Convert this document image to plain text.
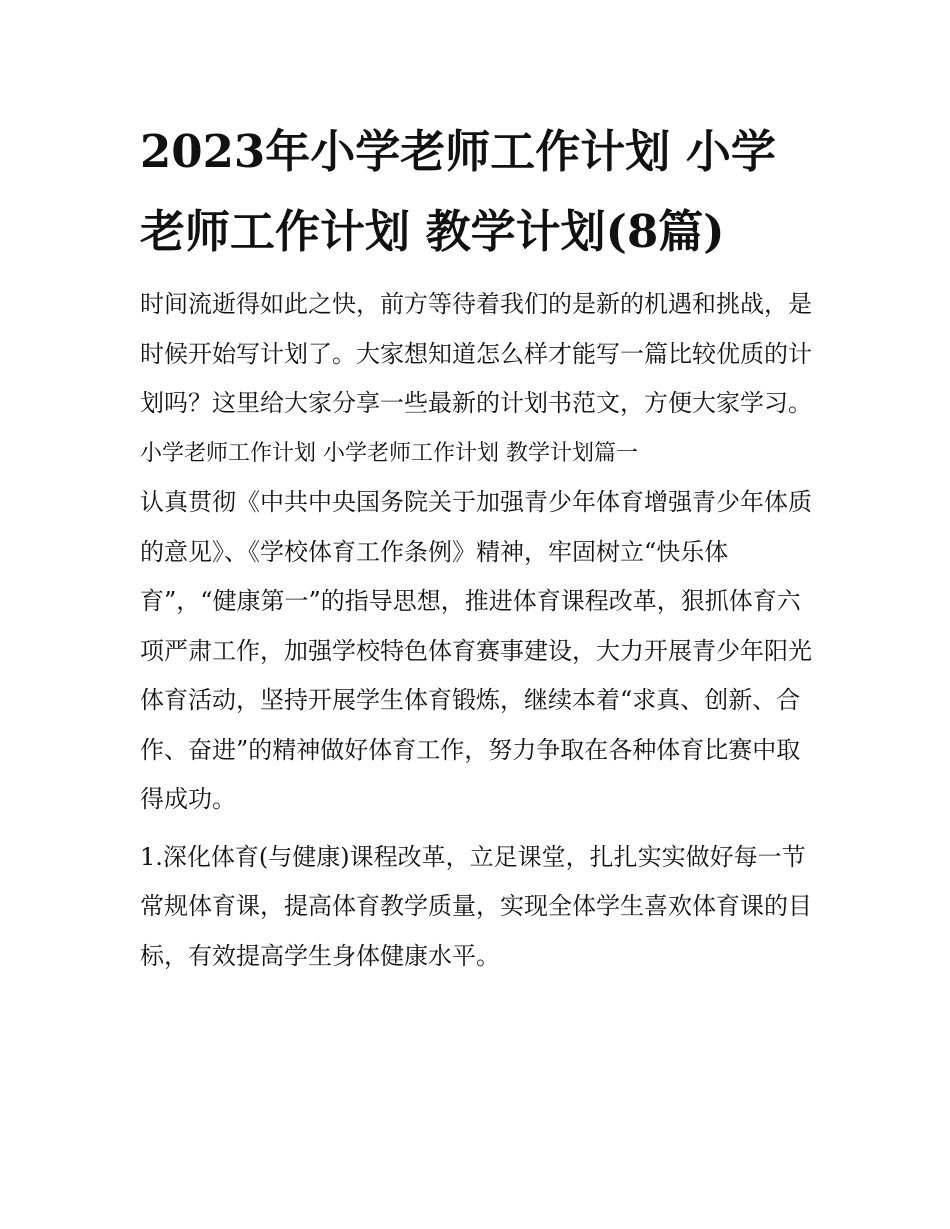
2023年小学老师工作计划 小学老师工作计划 教学计划(8篇)

时间流逝得如此之快，前方等待着我们的是新的机遇和挑战，是时候开始写计划了。大家想知道怎么样才能写一篇比较优质的计划吗？这里给大家分享一些最新的计划书范文，方便大家学习。

小学老师工作计划 小学老师工作计划 教学计划篇一

认真贯彻《中共中央国务院关于加强青少年体育增强青少年体质的意见》、《学校体育工作条例》精神，牢固树立“快乐体育”，“健康第一”的指导思想，推进体育课程改革，狠抓体育六项严肃工作，加强学校特色体育赛事建设，大力开展青少年阳光体育活动，坚持开展学生体育锻炼，继续本着“求真、创新、合作、奋进”的精神做好体育工作，努力争取在各种体育比赛中取得成功。

1.深化体育(与健康)课程改革，立足课堂，扎扎实实做好每一节常规体育课，提高体育教学质量，实现全体学生喜欢体育课的目标，有效提高学生身体健康水平。
